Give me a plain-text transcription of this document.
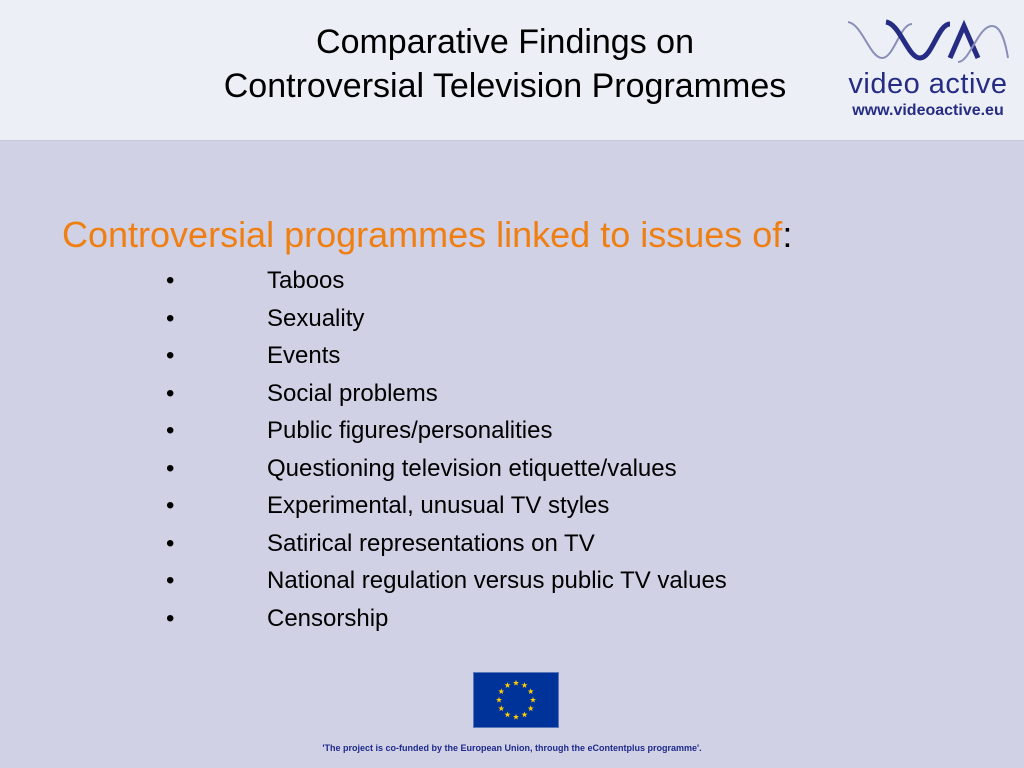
Comparative Findings on
Controversial Television Programmes	video active
www.videoactive.eu
Controversial programmes linked to issues of:
•	Taboos
•	Sexuality
•	Events
•	Social problems
•	Public figures/personalities
•	Questioning television etiquette/values
•	Experimental, unusual TV styles
•	Satirical representations on TV
•	National regulation versus public TV values
•	Censorship

'The project is co-funded by the European Union, through the eContentplus programme'.
